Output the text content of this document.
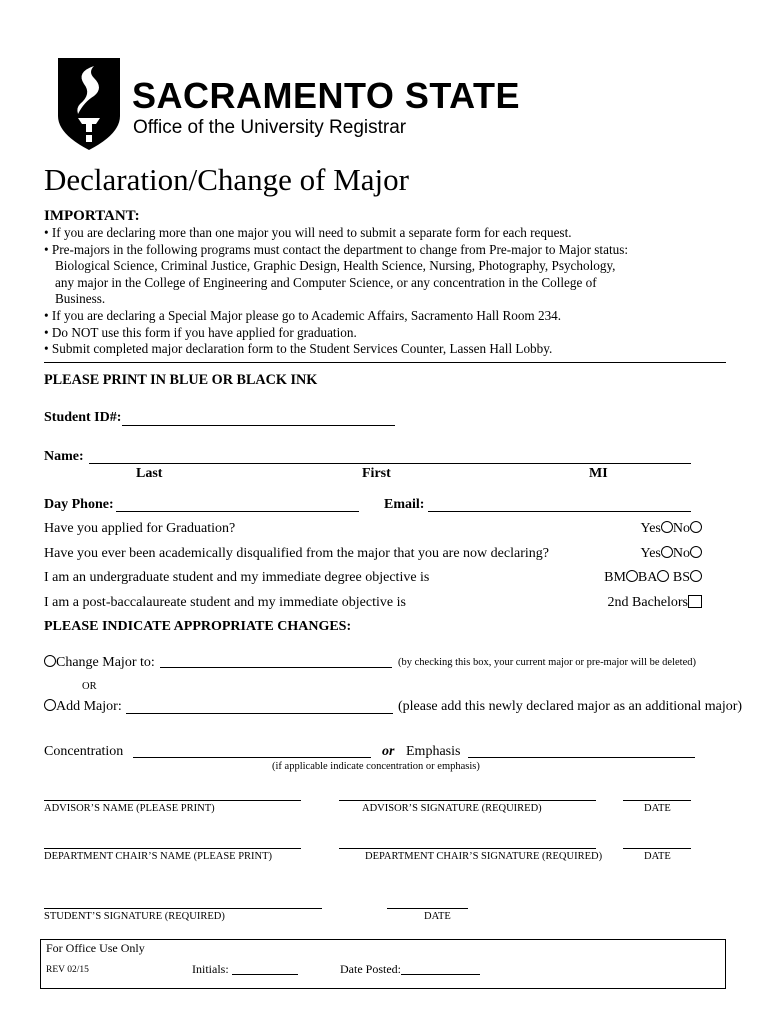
SACRAMENTO STATE
Office of the University Registrar
Declaration/Change of Major
IMPORTANT:
• If you are declaring more than one major you will need to submit a separate form for each request.
• Pre-majors in the following programs must contact the department to change from Pre-major to Major status:
Biological Science, Criminal Justice, Graphic Design, Health Science, Nursing, Photography, Psychology,
any major in the College of Engineering and Computer Science, or any concentration in the College of
Business.
• If you are declaring a Special Major please go to Academic Affairs, Sacramento Hall Room 234.
• Do NOT use this form if you have applied for graduation.
• Submit completed major declaration form to the Student Services Counter, Lassen Hall Lobby.
PLEASE PRINT IN BLUE OR BLACK INK
Student ID#:
Name:
Last	First	MI
Day Phone:	Email:
Have you applied for Graduation?	Yes No
Have you ever been academically disqualified from the major that you are now declaring?	Yes No
I am an undergraduate student and my immediate degree objective is	BM BA BS
I am a post-baccalaureate student and my immediate objective is	2nd Bachelors
PLEASE INDICATE APPROPRIATE CHANGES:
Change Major to:	(by checking this box, your current major or pre-major will be deleted)
OR
Add Major:	(please add this newly declared major as an additional major)
Concentration	or Emphasis
(if applicable indicate concentration or emphasis)
ADVISOR’S NAME (PLEASE PRINT)	ADVISOR’S SIGNATURE (REQUIRED)	DATE
DEPARTMENT CHAIR’S NAME (PLEASE PRINT)	DEPARTMENT CHAIR’S SIGNATURE (REQUIRED)	DATE
STUDENT’S SIGNATURE (REQUIRED)	DATE
For Office Use Only
REV 02/15	Initials:	Date Posted:
